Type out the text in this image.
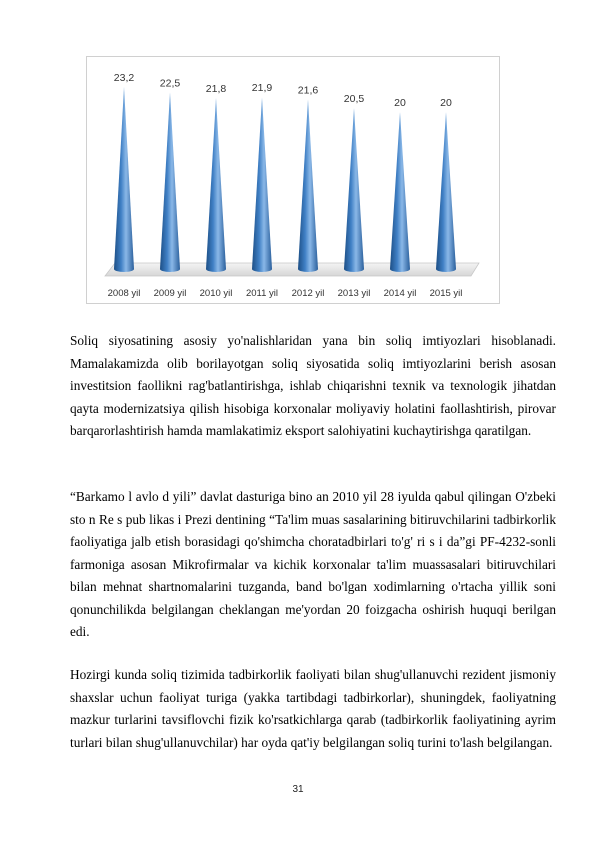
23,2 22,5 21,8 21,9 21,6
20,5	20	20
2008 yil 2009 yil 2010 yil 2011 yil 2012 yil 2013 yil 2014 yil 2015 yil

Soliq siyosatining asosiy yo'nalishlaridan yana bin soliq imtiyozlari hisoblanadi. Mamalakamizda olib borilayotgan soliq siyosatida soliq imtiyozlarini berish asosan investitsion faollikni rag'batlantirishga, ishlab chiqarishni texnik va texnologik jihatdan qayta modernizatsiya qilish hisobiga korxonalar moliyaviy holatini faollashtirish, pirovar barqarorlashtirish hamda mamlakatimiz eksport salohiyatini kuchaytirishga qaratilgan.

“Barkamo l avlo d yili” davlat dasturiga bino an 2010 yil 28 iyulda qabul qilingan O'zbeki sto n Re s pub likas i Prezi dentining “Ta'lim muas sasalarining bitiruvchilarini tadbirkorlik faoliyatiga jalb etish borasidagi qo'shimcha choratadbirlari to'g' ri s i da”gi PF-4232-sonli farmoniga asosan Mikrofirmalar va kichik korxonalar ta'lim muassasalari bitiruvchilari bilan mehnat shartnomalarini tuzganda, band bo'lgan xodimlarning o'rtacha yillik soni qonunchilikda belgilangan cheklangan me'yordan 20 foizgacha oshirish huquqi berilgan edi.

Hozirgi kunda soliq tizimida tadbirkorlik faoliyati bilan shug'ullanuvchi rezident jismoniy shaxslar uchun faoliyat turiga (yakka tartibdagi tadbirkorlar), shuningdek, faoliyatning mazkur turlarini tavsiflovchi fizik ko'rsatkichlarga qarab (tadbirkorlik faoliyatining ayrim turlari bilan shug'ullanuvchilar) har oyda qat'iy belgilangan soliq turini to'lash belgilangan.

31
